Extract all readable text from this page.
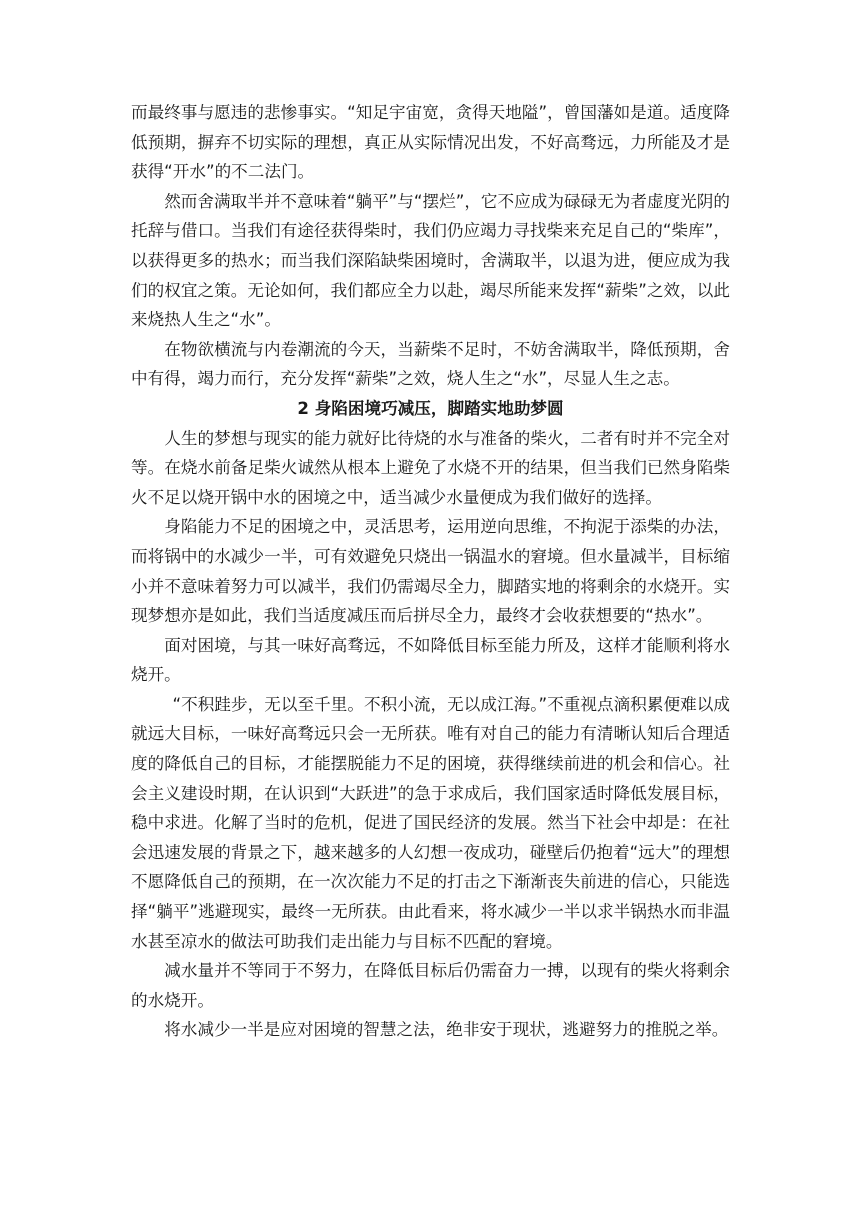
而最终事与愿违的悲惨事实。“知足宇宙宽，贪得天地隘”，曾国藩如是道。适度降低预期，摒弃不切实际的理想，真正从实际情况出发，不好高骛远，力所能及才是获得“开水”的不二法门。

然而舍满取半并不意味着“躺平”与“摆烂”，它不应成为碌碌无为者虚度光阴的托辞与借口。当我们有途径获得柴时，我们仍应竭力寻找柴来充足自己的“柴库”，以获得更多的热水；而当我们深陷缺柴困境时，舍满取半，以退为进，便应成为我们的权宜之策。无论如何，我们都应全力以赴，竭尽所能来发挥“薪柴”之效，以此来烧热人生之“水”。

在物欲横流与内卷潮流的今天，当薪柴不足时，不妨舍满取半，降低预期，舍中有得，竭力而行，充分发挥“薪柴”之效，烧人生之“水”，尽显人生之志。

2 身陷困境巧减压，脚踏实地助梦圆

人生的梦想与现实的能力就好比待烧的水与准备的柴火，二者有时并不完全对等。在烧水前备足柴火诚然从根本上避免了水烧不开的结果，但当我们已然身陷柴火不足以烧开锅中水的困境之中，适当减少水量便成为我们做好的选择。

身陷能力不足的困境之中，灵活思考，运用逆向思维，不拘泥于添柴的办法，而将锅中的水减少一半，可有效避免只烧出一锅温水的窘境。但水量减半，目标缩小并不意味着努力可以减半，我们仍需竭尽全力，脚踏实地的将剩余的水烧开。实现梦想亦是如此，我们当适度减压而后拼尽全力，最终才会收获想要的“热水”。

面对困境，与其一味好高骛远，不如降低目标至能力所及，这样才能顺利将水烧开。

“不积跬步，无以至千里。不积小流，无以成江海。”不重视点滴积累便难以成就远大目标，一味好高骛远只会一无所获。唯有对自己的能力有清晰认知后合理适度的降低自己的目标，才能摆脱能力不足的困境，获得继续前进的机会和信心。社会主义建设时期，在认识到“大跃进”的急于求成后，我们国家适时降低发展目标，稳中求进。化解了当时的危机，促进了国民经济的发展。然当下社会中却是：在社会迅速发展的背景之下，越来越多的人幻想一夜成功，碰壁后仍抱着“远大”的理想不愿降低自己的预期，在一次次能力不足的打击之下渐渐丧失前进的信心，只能选择“躺平”逃避现实，最终一无所获。由此看来，将水减少一半以求半锅热水而非温水甚至凉水的做法可助我们走出能力与目标不匹配的窘境。

减水量并不等同于不努力，在降低目标后仍需奋力一搏，以现有的柴火将剩余的水烧开。

将水减少一半是应对困境的智慧之法，绝非安于现状，逃避努力的推脱之举。
